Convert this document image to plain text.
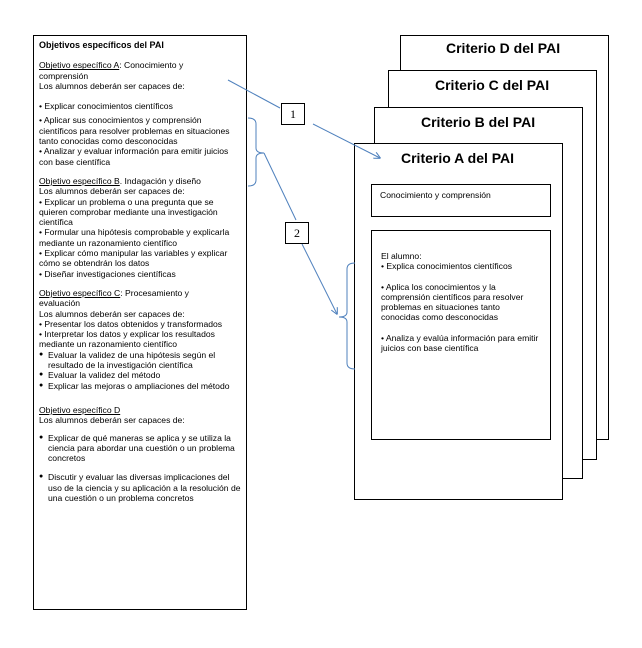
Objetivos específicos del PAI
Objetivo específico A: Conocimiento y
comprensión
Los alumnos deberán ser capaces de:
• Explicar conocimientos científicos
• Aplicar sus conocimientos y comprensión científicos para resolver problemas en situaciones tanto conocidas como desconocidas
• Analizar y evaluar información para emitir juicios con base científica
Objetivo específico B. Indagación y diseño
Los alumnos deberán ser capaces de:
• Explicar un problema o una pregunta que se quieren comprobar mediante una investigación científica
• Formular una hipótesis comprobable y explicarla mediante un razonamiento científico
• Explicar cómo manipular las variables y explicar cómo se obtendrán los datos
• Diseñar investigaciones científicas
Objetivo específico C: Procesamiento y
evaluación
Los alumnos deberán ser capaces de:
• Presentar los datos obtenidos y transformados
• Interpretar los datos y explicar los resultados mediante un razonamiento científico
● Evaluar la validez de una hipótesis según el resultado de la investigación científica
● Evaluar la validez del método
● Explicar las mejoras o ampliaciones del método
Objetivo específico D
Los alumnos deberán ser capaces de:
● Explicar de qué maneras se aplica y se utiliza la ciencia para abordar una cuestión o un problema concretos
● Discutir y evaluar las diversas implicaciones del uso de la ciencia y su aplicación a la resolución de una cuestión o un problema concretos
Criterio D del PAI
Criterio C del PAI
Criterio B del PAI
Criterio A del PAI
Conocimiento y comprensión
El alumno:
• Explica conocimientos científicos
• Aplica los conocimientos y la comprensión científicos para resolver problemas en situaciones tanto conocidas como desconocidas
• Analiza y evalúa información para emitir juicios con base científica
1
2
